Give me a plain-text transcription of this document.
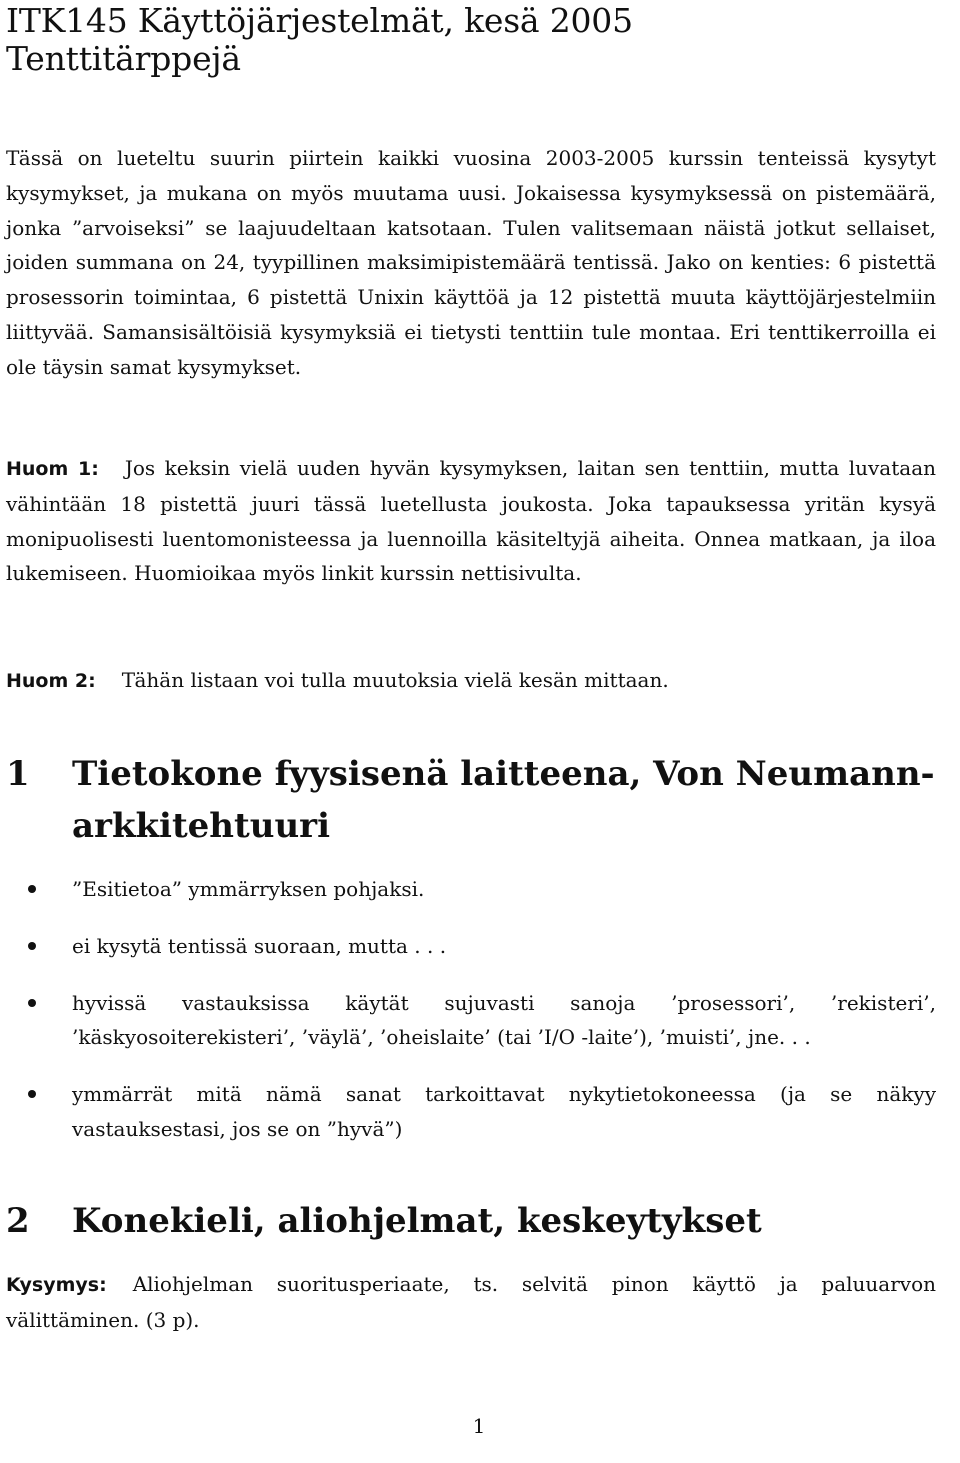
ITK145 Käyttöjärjestelmät, kesä 2005
Tenttitärppejä

Tässä on lueteltu suurin piirtein kaikki vuosina 2003-2005 kurssin tenteissä kysytyt kysymykset, ja mukana on myös muutama uusi. Jokaisessa kysymyksessä on pistemäärä, jonka ”arvoiseksi” se laajuudeltaan katsotaan. Tulen valitsemaan näistä jotkut sellaiset, joiden summana on 24, tyypillinen maksimipistemäärä tentissä. Jako on kenties: 6 pistettä prosessorin toimintaa, 6 pistettä Unixin käyttöä ja 12 pistettä muuta käyttöjärjestelmiin liittyvää. Samansisältöisiä kysymyksiä ei tietysti tenttiin tule montaa. Eri tenttikerroilla ei ole täysin samat kysymykset.

Huom 1: Jos keksin vielä uuden hyvän kysymyksen, laitan sen tenttiin, mutta luvataan vähintään 18 pistettä juuri tässä luetellusta joukosta. Joka tapauksessa yritän kysyä monipuolisesti luentomonisteessa ja luennoilla käsiteltyjä aiheita. Onnea matkaan, ja iloa lukemiseen. Huomioikaa myös linkit kurssin nettisivulta.

Huom 2: Tähän listaan voi tulla muutoksia vielä kesän mittaan.

1 Tietokone fyysisenä laitteena, Von Neumann-
arkkitehtuuri
”Esitietoa” ymmärryksen pohjaksi.
ei kysytä tentissä suoraan, mutta . . .
hyvissä vastauksissa käytät sujuvasti sanoja ’prosessori’, ’rekisteri’, ’käskyosoiterekisteri’, ’väylä’, ’oheislaite’ (tai ’I/O -laite’), ’muisti’, jne. . .
ymmärrät mitä nämä sanat tarkoittavat nykytietokoneessa (ja se näkyy vastauksestasi, jos se on ”hyvä”)
2 Konekieli, aliohjelmat, keskeytykset

Kysymys: Aliohjelman suoritusperiaate, ts. selvitä pinon käyttö ja paluuarvon välittäminen. (3 p).

1
